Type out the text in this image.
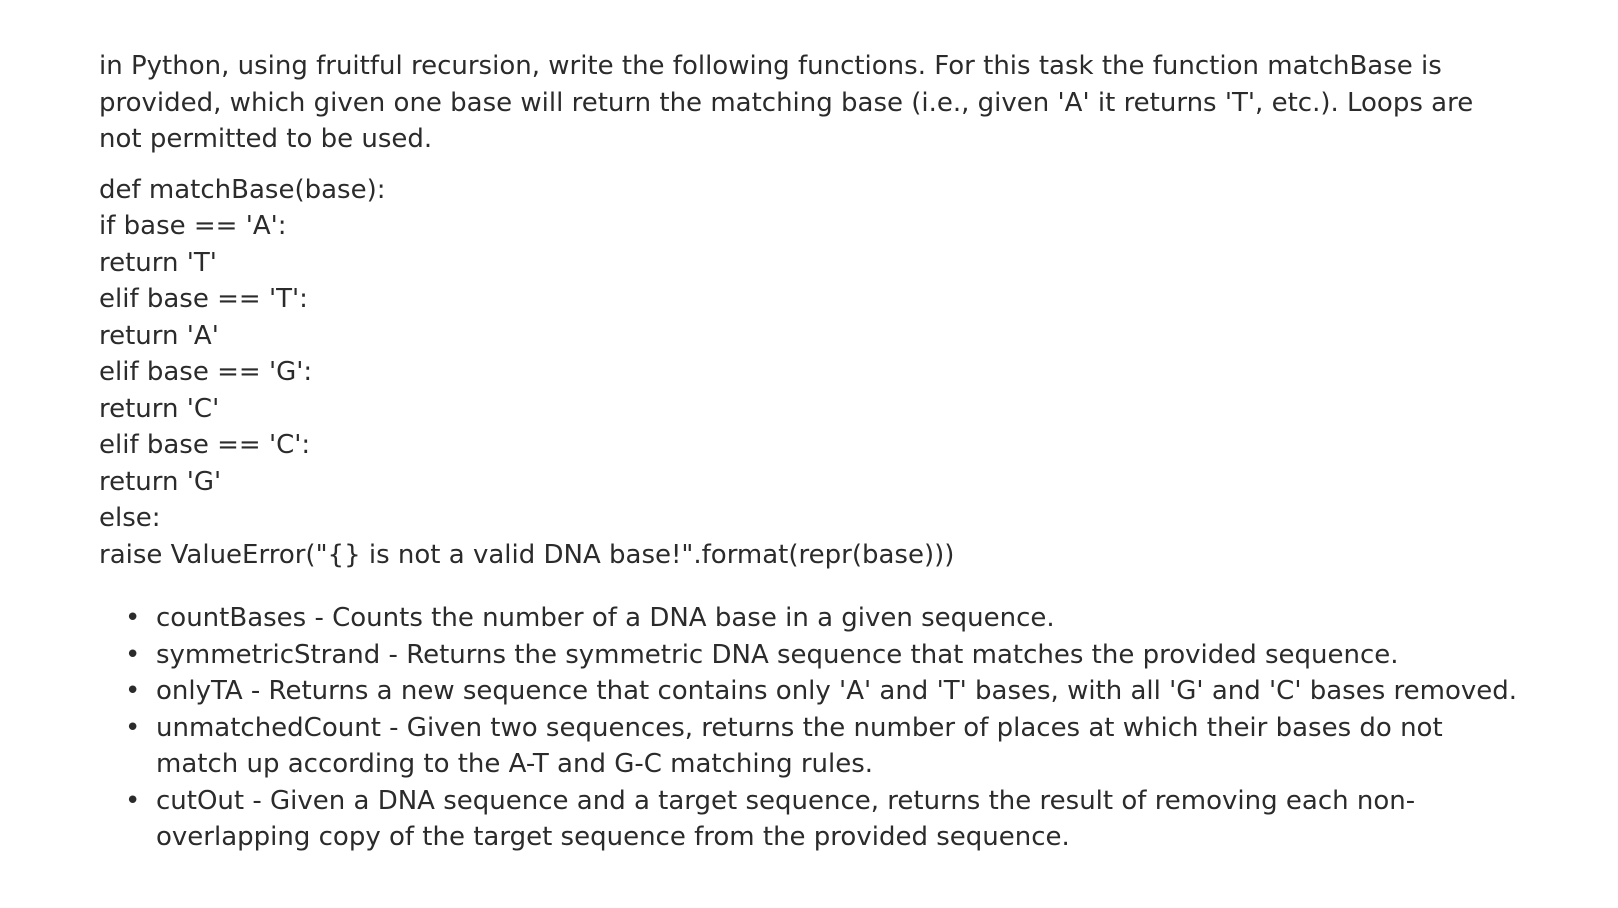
in Python, using fruitful recursion, write the following functions. For this task the function matchBase is provided, which given one base will return the matching base (i.e., given 'A' it returns 'T', etc.). Loops are not permitted to be used.

def matchBase(base):
if base == 'A':
return 'T'
elif base == 'T':
return 'A'
elif base == 'G':
return 'C'
elif base == 'C':
return 'G'
else:
raise ValueError("{} is not a valid DNA base!".format(repr(base)))
• countBases - Counts the number of a DNA base in a given sequence.
• symmetricStrand - Returns the symmetric DNA sequence that matches the provided sequence.
• onlyTA - Returns a new sequence that contains only 'A' and 'T' bases, with all 'G' and 'C' bases removed.
• unmatchedCount - Given two sequences, returns the number of places at which their bases do not match up according to the A-T and G-C matching rules.
• cutOut - Given a DNA sequence and a target sequence, returns the result of removing each non-overlapping copy of the target sequence from the provided sequence.
